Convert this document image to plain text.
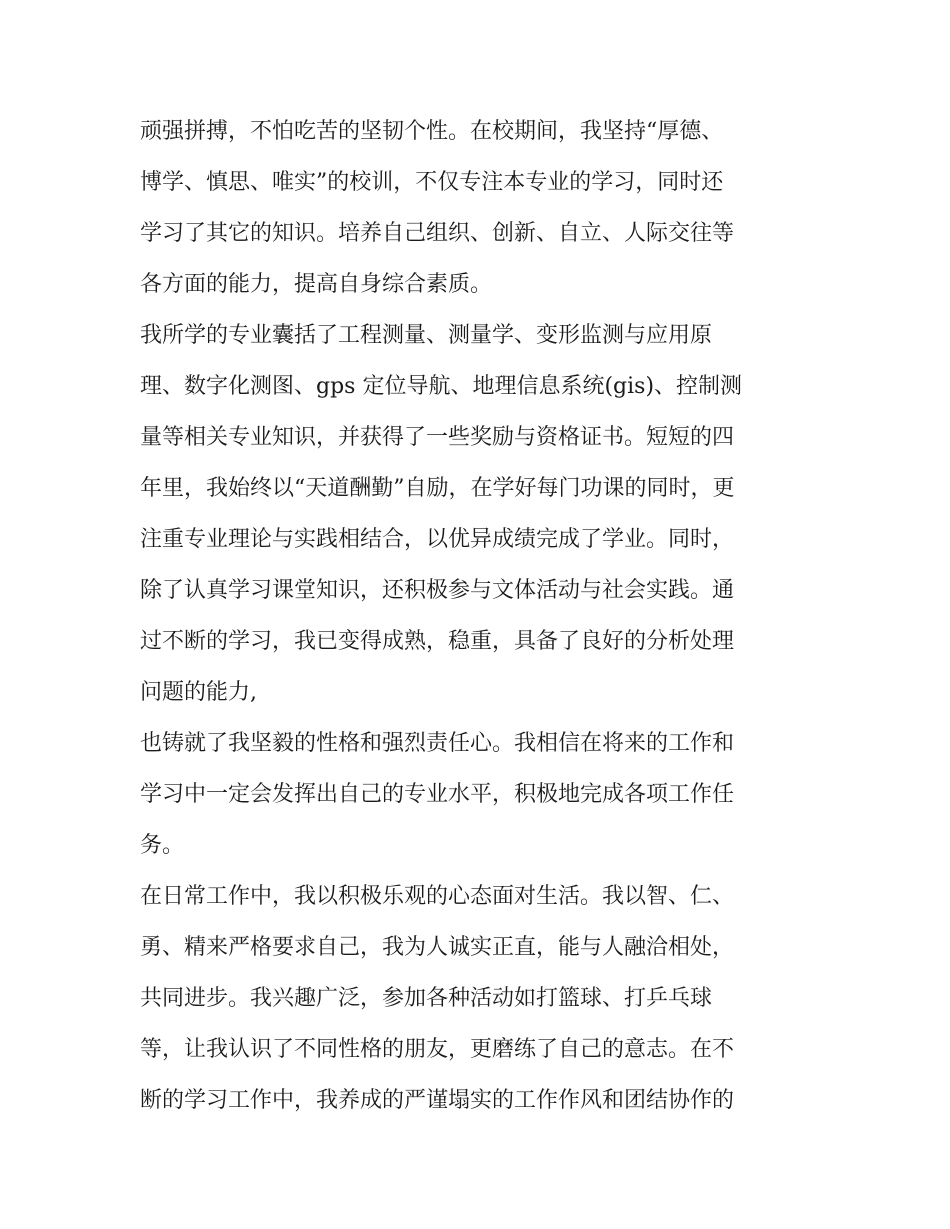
顽强拼搏，不怕吃苦的坚韧个性。在校期间，我坚持“厚德、
博学、慎思、唯实”的校训，不仅专注本专业的学习，同时还
学习了其它的知识。培养自己组织、创新、自立、人际交往等
各方面的能力，提高自身综合素质。
我所学的专业囊括了工程测量、测量学、变形监测与应用原
理、数字化测图、gps 定位导航、地理信息系统(gis)、控制测
量等相关专业知识，并获得了一些奖励与资格证书。短短的四
年里，我始终以“天道酬勤”自励，在学好每门功课的同时，更
注重专业理论与实践相结合，以优异成绩完成了学业。同时，
除了认真学习课堂知识，还积极参与文体活动与社会实践。通
过不断的学习，我已变得成熟，稳重，具备了良好的分析处理
问题的能力,
也铸就了我坚毅的性格和强烈责任心。我相信在将来的工作和
学习中一定会发挥出自己的专业水平，积极地完成各项工作任
务。
在日常工作中，我以积极乐观的心态面对生活。我以智、仁、
勇、精来严格要求自己，我为人诚实正直，能与人融洽相处，
共同进步。我兴趣广泛，参加各种活动如打篮球、打乒乓球
等，让我认识了不同性格的朋友，更磨练了自己的意志。在不
断的学习工作中，我养成的严谨塌实的工作作风和团结协作的
